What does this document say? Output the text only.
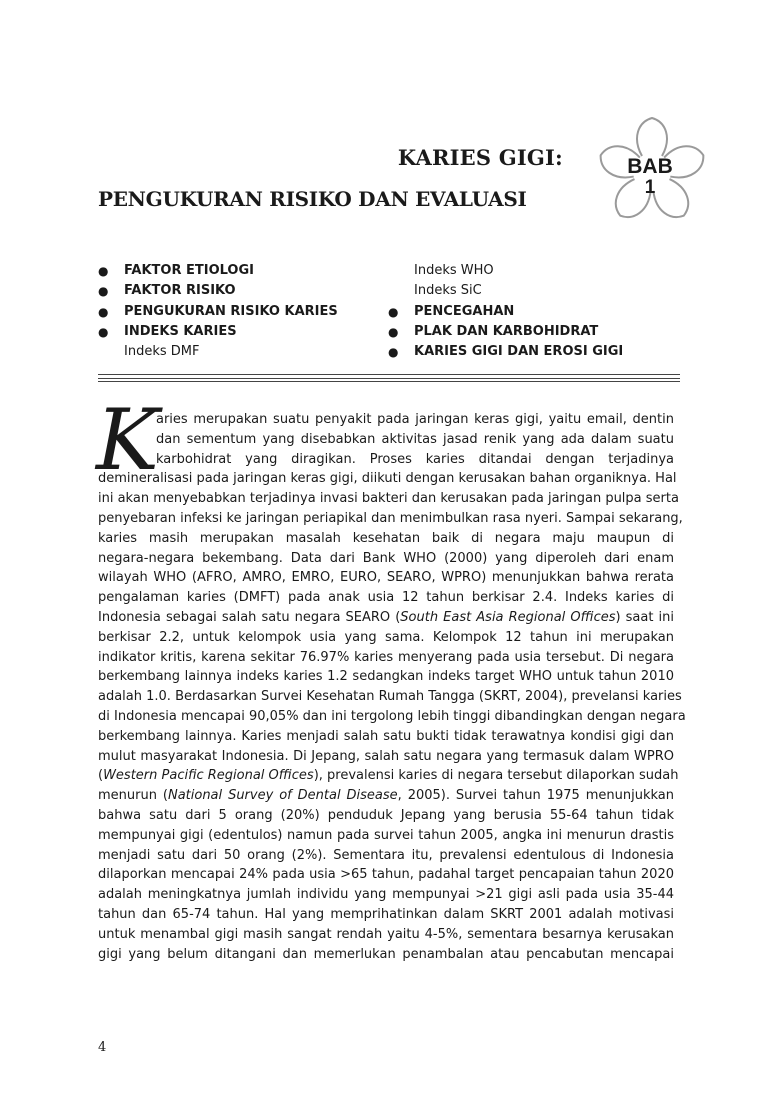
KARIES GIGI:
PENGUKURAN RISIKO DAN EVALUASI
BAB
1
● FAKTOR ETIOLOGI
● FAKTOR RISIKO
● PENGUKURAN RISIKO KARIES
● INDEKS KARIES
Indeks DMF
Indeks WHO
Indeks SiC
● PENCEGAHAN
● PLAK DAN KARBOHIDRAT
● KARIES GIGI DAN EROSI GIGI
K
aries merupakan suatu penyakit pada jaringan keras gigi, yaitu email, dentin
dan sementum yang disebabkan aktivitas jasad renik yang ada dalam suatu
karbohidrat yang diragikan. Proses karies ditandai dengan terjadinya
demineralisasi pada jaringan keras gigi, diikuti dengan kerusakan bahan organiknya. Hal
ini akan menyebabkan terjadinya invasi bakteri dan kerusakan pada jaringan pulpa serta
penyebaran infeksi ke jaringan periapikal dan menimbulkan rasa nyeri. Sampai sekarang,
karies masih merupakan masalah kesehatan baik di negara maju maupun di
negara-negara bekembang. Data dari Bank WHO (2000) yang diperoleh dari enam
wilayah WHO (AFRO, AMRO, EMRO, EURO, SEARO, WPRO) menunjukkan bahwa rerata
pengalaman karies (DMFT) pada anak usia 12 tahun berkisar 2.4. Indeks karies di
Indonesia sebagai salah satu negara SEARO (South East Asia Regional Offices) saat ini
berkisar 2.2, untuk kelompok usia yang sama. Kelompok 12 tahun ini merupakan
indikator kritis, karena sekitar 76.97% karies menyerang pada usia tersebut. Di negara
berkembang lainnya indeks karies 1.2 sedangkan indeks target WHO untuk tahun 2010
adalah 1.0. Berdasarkan Survei Kesehatan Rumah Tangga (SKRT, 2004), prevelansi karies
di Indonesia mencapai 90,05% dan ini tergolong lebih tinggi dibandingkan dengan negara
berkembang lainnya. Karies menjadi salah satu bukti tidak terawatnya kondisi gigi dan
mulut masyarakat Indonesia. Di Jepang, salah satu negara yang termasuk dalam WPRO
(Western Pacific Regional Offices), prevalensi karies di negara tersebut dilaporkan sudah
menurun (National Survey of Dental Disease, 2005). Survei tahun 1975 menunjukkan
bahwa satu dari 5 orang (20%) penduduk Jepang yang berusia 55-64 tahun tidak
mempunyai gigi (edentulos) namun pada survei tahun 2005, angka ini menurun drastis
menjadi satu dari 50 orang (2%). Sementara itu, prevalensi edentulous di Indonesia
dilaporkan mencapai 24% pada usia >65 tahun, padahal target pencapaian tahun 2020
adalah meningkatnya jumlah individu yang mempunyai >21 gigi asli pada usia 35-44
tahun dan 65-74 tahun. Hal yang memprihatinkan dalam SKRT 2001 adalah motivasi
untuk menambal gigi masih sangat rendah yaitu 4-5%, sementara besarnya kerusakan
gigi yang belum ditangani dan memerlukan penambalan atau pencabutan mencapai
4
